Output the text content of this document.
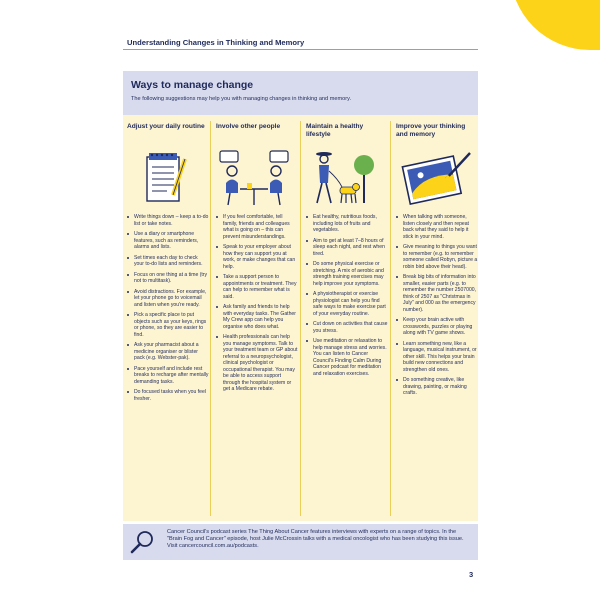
Understanding Changes in Thinking and Memory
Ways to manage change
The following suggestions may help you with managing changes in thinking and memory.
Adjust your daily routine
Write things down – keep a to-do list or take notes.
Use a diary or smartphone features, such as reminders, alarms and lists.
Set times each day to check your to-do lists and reminders.
Focus on one thing at a time (try not to multitask).
Avoid distractions. For example, let your phone go to voicemail and listen when you're ready.
Pick a specific place to put objects such as your keys, rings or phone, so they are easier to find.
Ask your pharmacist about a medicine organiser or blister pack (e.g. Webster-pak).
Pace yourself and include rest breaks to recharge after mentally demanding tasks.
Do focused tasks when you feel fresher.
Involve other people
If you feel comfortable, tell family, friends and colleagues what is going on – this can prevent misunderstandings.
Speak to your employer about how they can support you at work, or make changes that can help.
Take a support person to appointments or treatment. They can help to remember what is said.
Ask family and friends to help with everyday tasks. The Gather My Crew app can help you organise who does what.
Health professionals can help you manage symptoms. Talk to your treatment team or GP about referral to a neuropsychologist, clinical psychologist or occupational therapist. You may be able to access support through the hospital system or get a Medicare rebate.
Maintain a healthy lifestyle
Eat healthy, nutritious foods, including lots of fruits and vegetables.
Aim to get at least 7–8 hours of sleep each night, and rest when tired.
Do some physical exercise or stretching. A mix of aerobic and strength training exercises may help improve your symptoms.
A physiotherapist or exercise physiologist can help you find safe ways to make exercise part of your everyday routine.
Cut down on activities that cause you stress.
Use meditation or relaxation to help manage stress and worries. You can listen to Cancer Council's Finding Calm During Cancer podcast for meditation and relaxation exercises.
Improve your thinking and memory
When talking with someone, listen closely and then repeat back what they said to help it stick in your mind.
Give meaning to things you want to remember (e.g. to remember someone called Robyn, picture a robin bird above their head).
Break big bits of information into smaller, easier parts (e.g. to remember the number 2507000, think of 2507 as "Christmas in July" and 000 as the emergency number).
Keep your brain active with crosswords, puzzles or playing along with TV game shows.
Learn something new, like a language, musical instrument, or other skill. This helps your brain build new connections and strengthen old ones.
Do something creative, like drawing, painting, or making crafts.
Cancer Council's podcast series The Thing About Cancer features interviews with experts on a range of topics. In the "Brain Fog and Cancer" episode, host Julie McCrossin talks with a medical oncologist who has been studying this issue. Visit cancercouncil.com.au/podcasts.
3
